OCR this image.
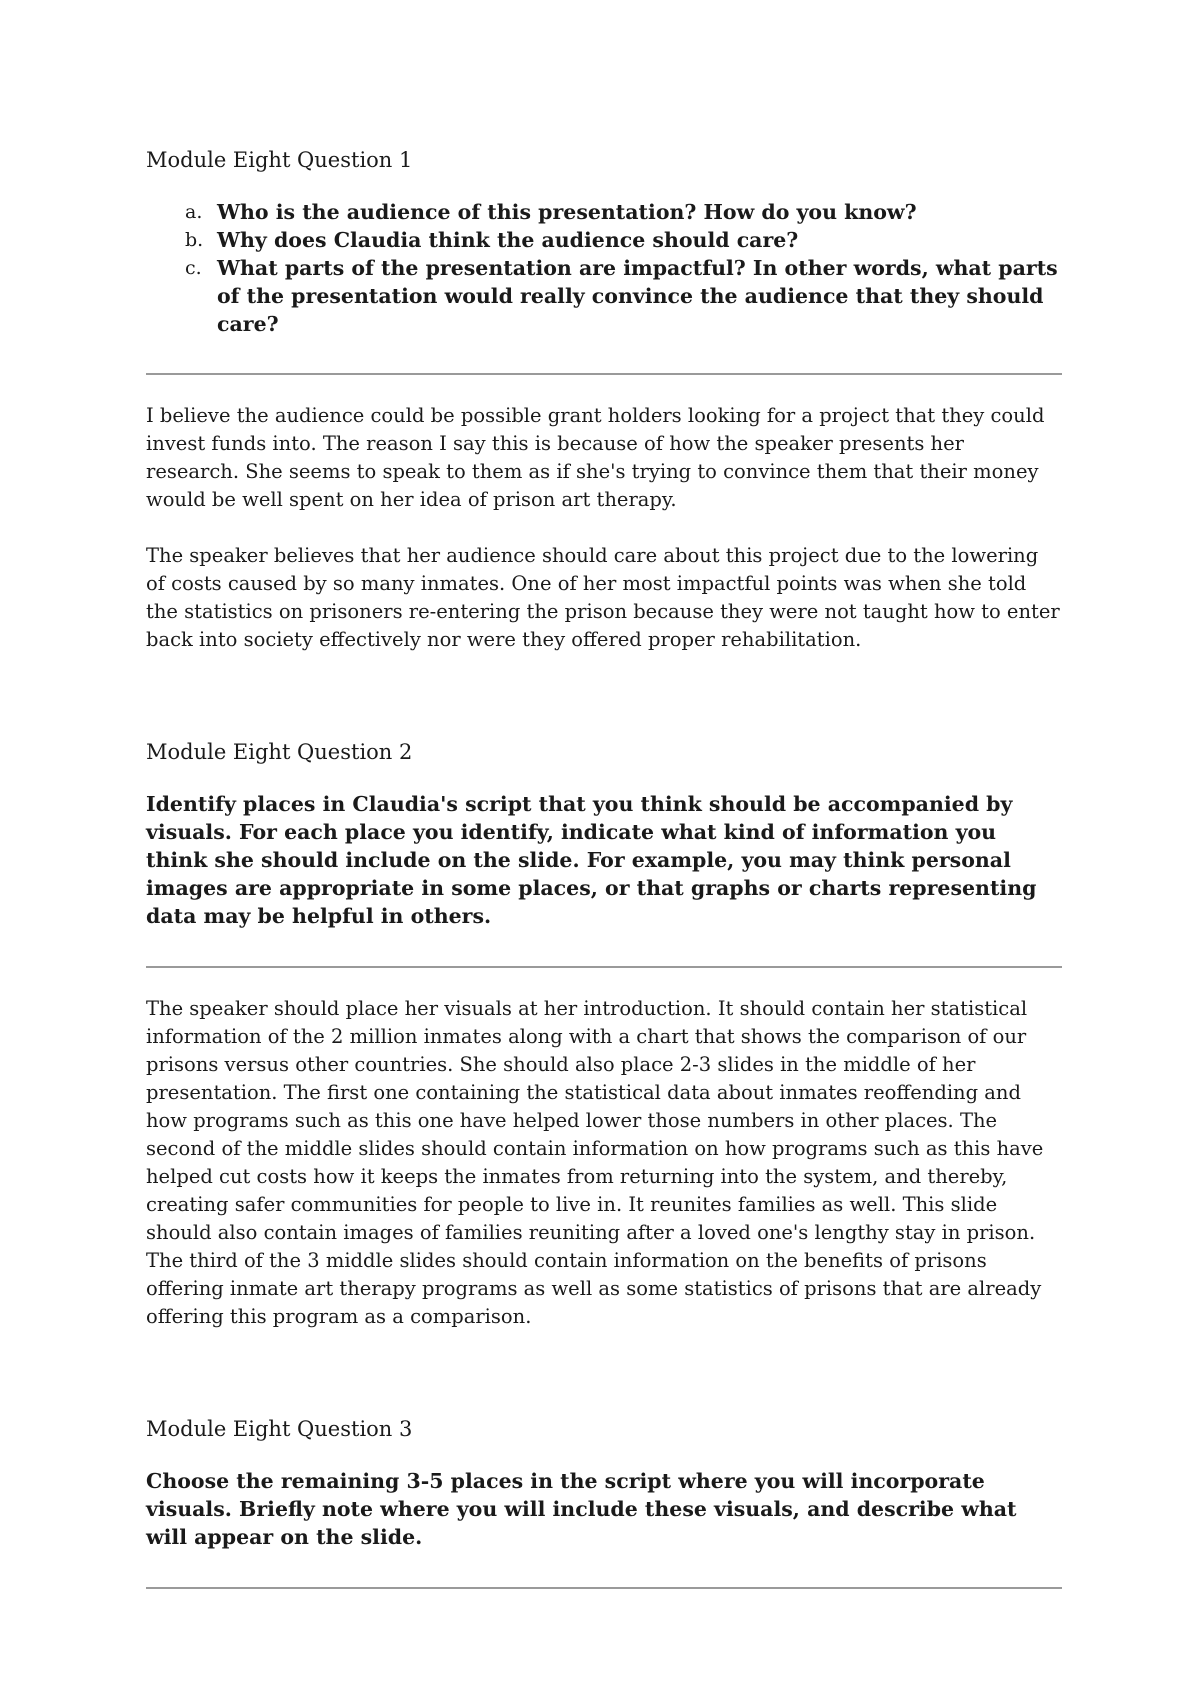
Module Eight Question 1
a. Who is the audience of this presentation? How do you know?
b. Why does Claudia think the audience should care?
c. What parts of the presentation are impactful? In other words, what parts of the presentation would really convince the audience that they should care?

I believe the audience could be possible grant holders looking for a project that they could invest funds into. The reason I say this is because of how the speaker presents her research. She seems to speak to them as if she's trying to convince them that their money would be well spent on her idea of prison art therapy.

The speaker believes that her audience should care about this project due to the lowering of costs caused by so many inmates. One of her most impactful points was when she told the statistics on prisoners re-entering the prison because they were not taught how to enter back into society effectively nor were they offered proper rehabilitation.

Module Eight Question 2

Identify places in Claudia's script that you think should be accompanied by visuals. For each place you identify, indicate what kind of information you think she should include on the slide. For example, you may think personal images are appropriate in some places, or that graphs or charts representing data may be helpful in others.

The speaker should place her visuals at her introduction. It should contain her statistical information of the 2 million inmates along with a chart that shows the comparison of our prisons versus other countries. She should also place 2-3 slides in the middle of her presentation. The first one containing the statistical data about inmates reoffending and how programs such as this one have helped lower those numbers in other places. The second of the middle slides should contain information on how programs such as this have helped cut costs how it keeps the inmates from returning into the system, and thereby, creating safer communities for people to live in. It reunites families as well. This slide should also contain images of families reuniting after a loved one's lengthy stay in prison. The third of the 3 middle slides should contain information on the benefits of prisons offering inmate art therapy programs as well as some statistics of prisons that are already offering this program as a comparison.

Module Eight Question 3

Choose the remaining 3-5 places in the script where you will incorporate visuals. Briefly note where you will include these visuals, and describe what will appear on the slide.
